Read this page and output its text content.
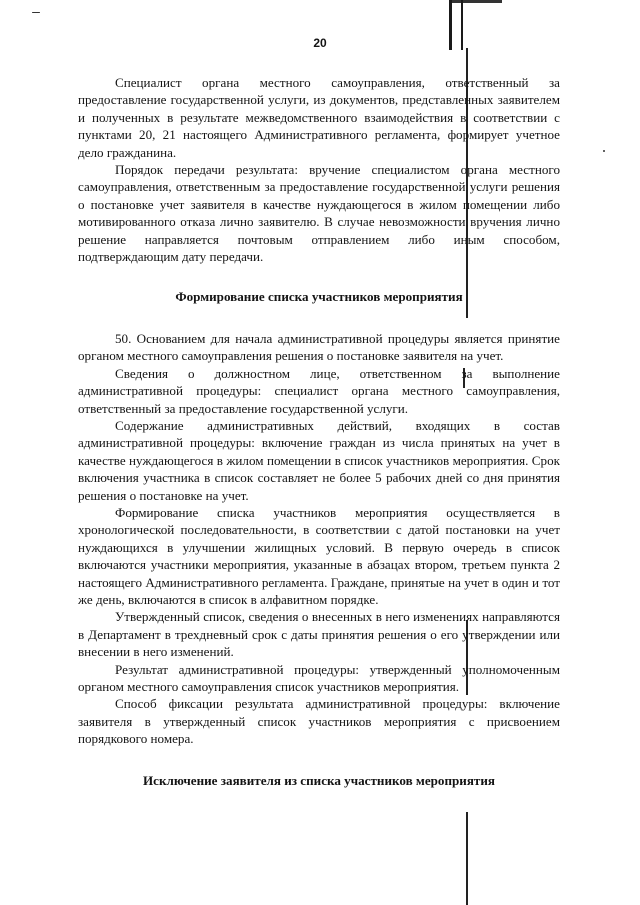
20

Специалист органа местного самоуправления, ответственный за предоставление государственной услуги, из документов, представленных заявителем и полученных в результате межведомственного взаимодействия в соответствии с пунктами 20, 21 настоящего Административного регламента, формирует учетное дело гражданина.

Порядок передачи результата: вручение специалистом органа местного самоуправления, ответственным за предоставление государственной услуги решения о постановке учет заявителя в качестве нуждающегося в жилом помещении либо мотивированного отказа лично заявителю. В случае невозможности вручения лично решение направляется почтовым отправлением либо иным способом, подтверждающим дату передачи.

Формирование списка участников мероприятия

50. Основанием для начала административной процедуры является принятие органом местного самоуправления решения о постановке заявителя на учет.

Сведения о должностном лице, ответственном за выполнение административной процедуры: специалист органа местного самоуправления, ответственный за предоставление государственной услуги.

Содержание административных действий, входящих в состав административной процедуры: включение граждан из числа принятых на учет в качестве нуждающегося в жилом помещении в список участников мероприятия. Срок включения участника в список составляет не более 5 рабочих дней со дня принятия решения о постановке на учет.

Формирование списка участников мероприятия осуществляется в хронологической последовательности, в соответствии с датой постановки на учет нуждающихся в улучшении жилищных условий. В первую очередь в список включаются участники мероприятия, указанные в абзацах втором, третьем пункта 2 настоящего Административного регламента. Граждане, принятые на учет в один и тот же день, включаются в список в алфавитном порядке.

Утвержденный список, сведения о внесенных в него изменениях направляются в Департамент в трехдневный срок с даты принятия решения о его утверждении или внесении в него изменений.

Результат административной процедуры: утвержденный уполномоченным органом местного самоуправления список участников мероприятия.

Способ фиксации результата административной процедуры: включение заявителя в утвержденный список участников мероприятия с присвоением порядкового номера.

Исключение заявителя из списка участников мероприятия
